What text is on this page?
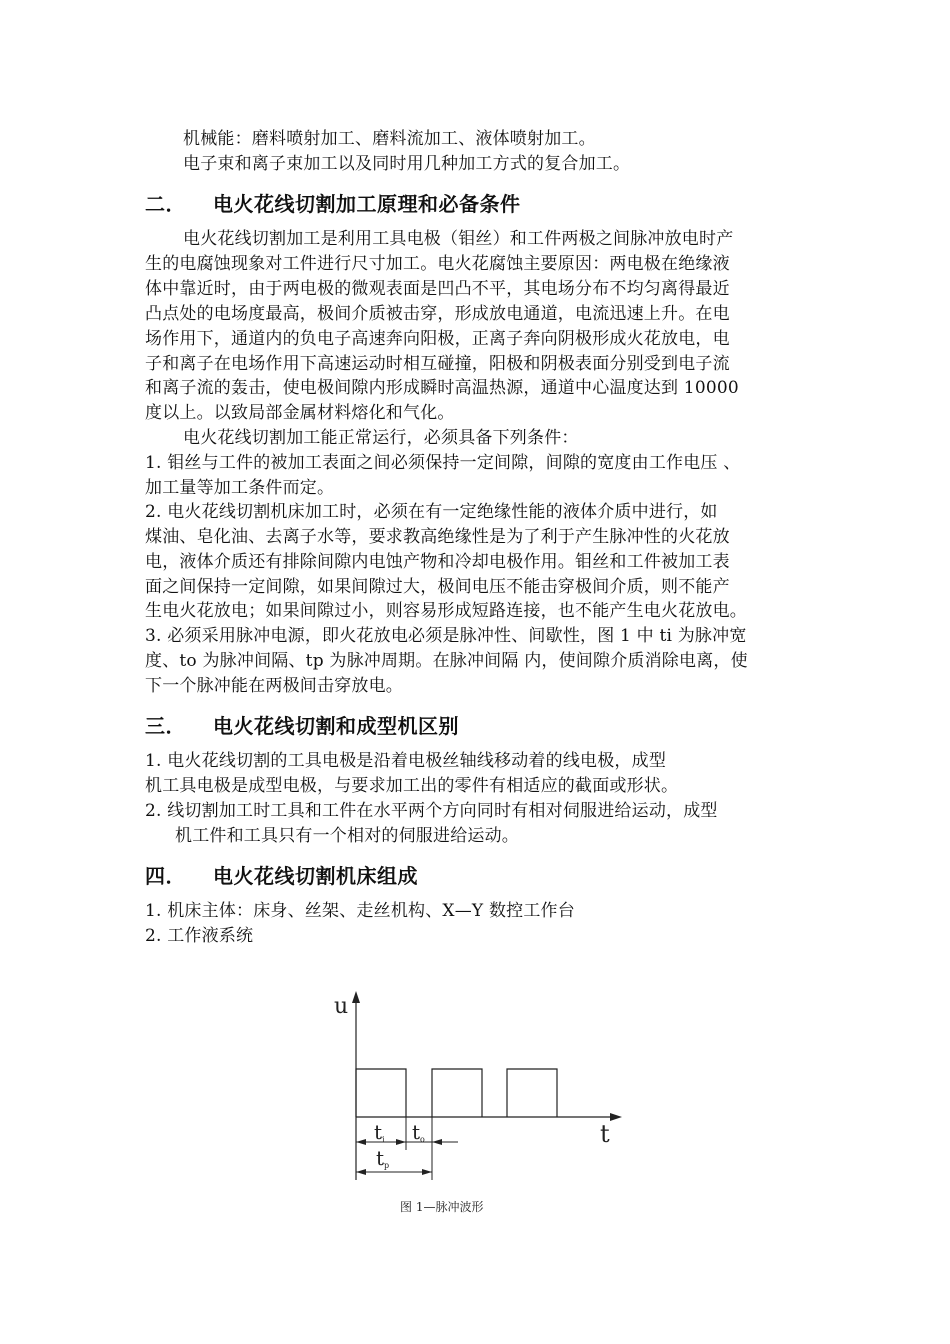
机械能：磨料喷射加工、磨料流加工、液体喷射加工。
电子束和离子束加工以及同时用几种加工方式的复合加工。
二． 电火花线切割加工原理和必备条件
电火花线切割加工是利用工具电极（钼丝）和工件两极之间脉冲放电时产
生的电腐蚀现象对工件进行尺寸加工。电火花腐蚀主要原因：两电极在绝缘液
体中靠近时，由于两电极的微观表面是凹凸不平，其电场分布不均匀离得最近
凸点处的电场度最高，极间介质被击穿，形成放电通道，电流迅速上升。在电
场作用下，通道内的负电子高速奔向阳极，正离子奔向阴极形成火花放电，电
子和离子在电场作用下高速运动时相互碰撞，阳极和阴极表面分别受到电子流
和离子流的轰击，使电极间隙内形成瞬时高温热源，通道中心温度达到 10000
度以上。以致局部金属材料熔化和气化。
电火花线切割加工能正常运行，必须具备下列条件：
1. 钼丝与工件的被加工表面之间必须保持一定间隙，间隙的宽度由工作电压 、
加工量等加工条件而定。
2. 电火花线切割机床加工时，必须在有一定绝缘性能的液体介质中进行，如
煤油、皂化油、去离子水等，要求教高绝缘性是为了利于产生脉冲性的火花放
电，液体介质还有排除间隙内电蚀产物和冷却电极作用。钼丝和工件被加工表
面之间保持一定间隙，如果间隙过大，极间电压不能击穿极间介质，则不能产
生电火花放电；如果间隙过小，则容易形成短路连接，也不能产生电火花放电。
3. 必须采用脉冲电源，即火花放电必须是脉冲性、间歇性，图 1 中 ti 为脉冲宽
度、to 为脉冲间隔、tp 为脉冲周期。在脉冲间隔 内，使间隙介质消除电离，使
下一个脉冲能在两极间击穿放电。
三． 电火花线切割和成型机区别
1. 电火花线切割的工具电极是沿着电极丝轴线移动着的线电极，成型
机工具电极是成型电极，与要求加工出的零件有相适应的截面或形状。
2. 线切割加工时工具和工件在水平两个方向同时有相对伺服进给运动，成型
机工件和工具只有一个相对的伺服进给运动。
四． 电火花线切割机床组成
1. 机床主体：床身、丝架、走丝机构、X—Y 数控工作台
2. 工作液系统
u
t
ti to
tp
图 1—脉冲波形
